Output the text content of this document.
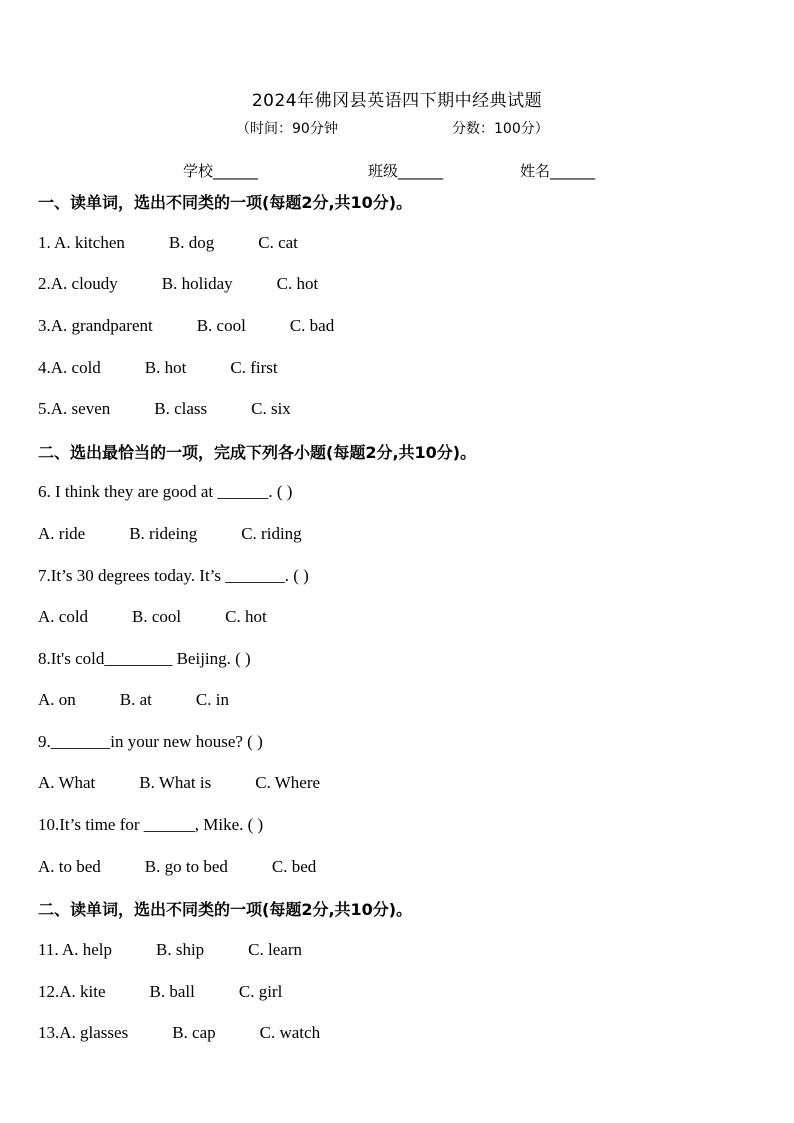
2024年佛冈县英语四下期中经典试题
（时间：90分钟	分数：100分）
学校______	班级______	姓名______
一、读单词，选出不同类的一项(每题2分,共10分)。
1. A. kitchen	B. dog	C. cat
2.A. cloudy	B. holiday	C. hot
3.A. grandparent	B. cool	C. bad
4.A. cold	B. hot	C. first
5.A. seven	B. class	C. six
二、选出最恰当的一项，完成下列各小题(每题2分,共10分)。
6. I think they are good at ______. ( )
A. ride	B. rideing	C. riding
7.It’s 30 degrees today. It’s _______. ( )
A. cold	B. cool	C. hot
8.It's cold________ Beijing. ( )
A. on	B. at	C. in
9._______in your new house? ( )
A. What	B. What is	C. Where
10.It’s time for ______, Mike. ( )
A. to bed	B. go to bed	C. bed
二、读单词，选出不同类的一项(每题2分,共10分)。
11. A. help	B. ship	C. learn
12.A. kite	B. ball	C. girl
13.A. glasses	B. cap	C. watch
